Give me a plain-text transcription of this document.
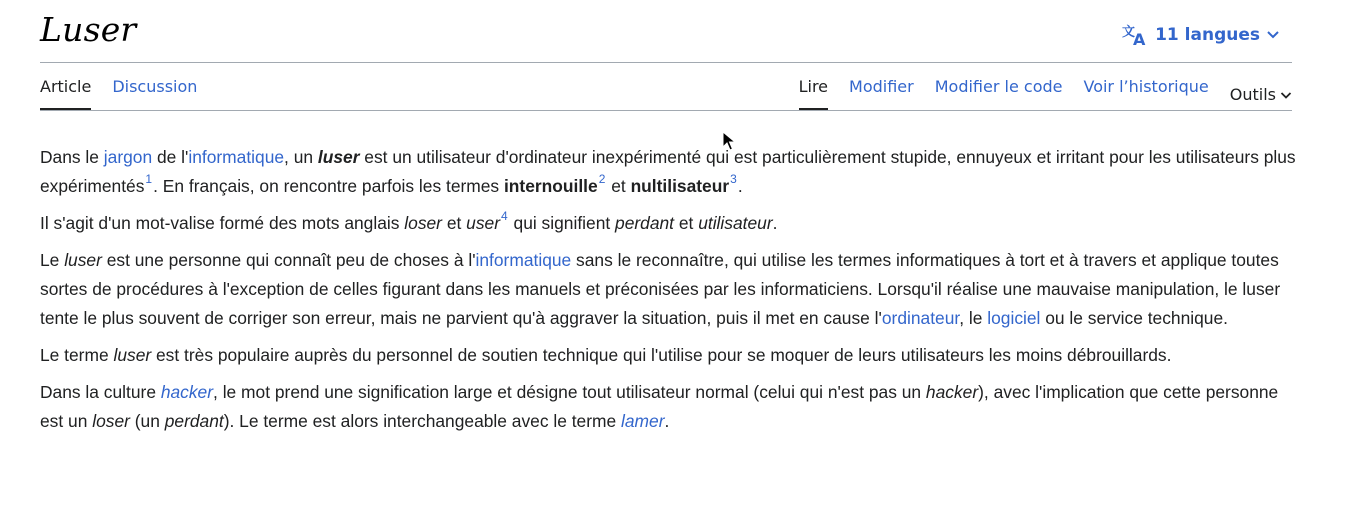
Luser	文
A 11 langues
Article Discussion	Lire Modifier Modifier le code Voir l’historique Outils

Dans le jargon de l'informatique, un luser est un utilisateur d'ordinateur inexpérimenté qui est particulièrement stupide, ennuyeux et irritant pour les utilisateurs plus expérimentés$^1$. En français, on rencontre parfois les termes internouille$^2$ et nultilisateur$^3$.

Il s'agit d'un mot-valise formé des mots anglais loser et user$^4$ qui signifient perdant et utilisateur.

Le luser est une personne qui connaît peu de choses à l'informatique sans le reconnaître, qui utilise les termes informatiques à tort et à travers et applique toutes sortes de procédures à l'exception de celles figurant dans les manuels et préconisées par les informaticiens. Lorsqu'il réalise une mauvaise manipulation, le luser tente le plus souvent de corriger son erreur, mais ne parvient qu'à aggraver la situation, puis il met en cause l'ordinateur, le logiciel ou le service technique.

Le terme luser est très populaire auprès du personnel de soutien technique qui l'utilise pour se moquer de leurs utilisateurs les moins débrouillards.

Dans la culture hacker, le mot prend une signification large et désigne tout utilisateur normal (celui qui n'est pas un hacker), avec l'implication que cette personne est un loser (un perdant). Le terme est alors interchangeable avec le terme lamer.
